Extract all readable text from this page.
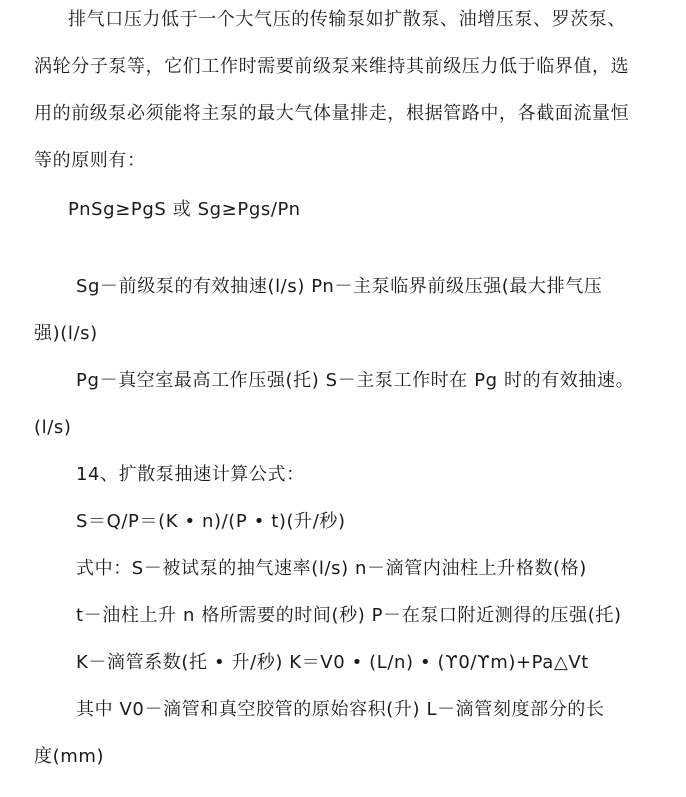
排气口压力低于一个大气压的传输泵如扩散泵、油增压泵、罗茨泵、
涡轮分子泵等，它们工作时需要前级泵来维持其前级压力低于临界值，选
用的前级泵必须能将主泵的最大气体量排走，根据管路中，各截面流量恒
等的原则有：
PnSg≥PgS 或 Sg≥Pgs/Pn
Sg－前级泵的有效抽速(l/s) Pn－主泵临界前级压强(最大排气压
强)(l/s)
Pg－真空室最高工作压强(托) S－主泵工作时在 Pg 时的有效抽速。
(l/s)
14、扩散泵抽速计算公式：
S＝Q/P＝(K • n)/(P • t)(升/秒)
式中：S－被试泵的抽气速率(l/s) n－滴管内油柱上升格数(格)
t－油柱上升 n 格所需要的时间(秒) P－在泵口附近测得的压强(托)
K－滴管系数(托 • 升/秒) K＝V0 • (L/n) • (ϒ0/ϒm)+Pa△Vt
其中 V0－滴管和真空胶管的原始容积(升) L－滴管刻度部分的长
度(mm)
